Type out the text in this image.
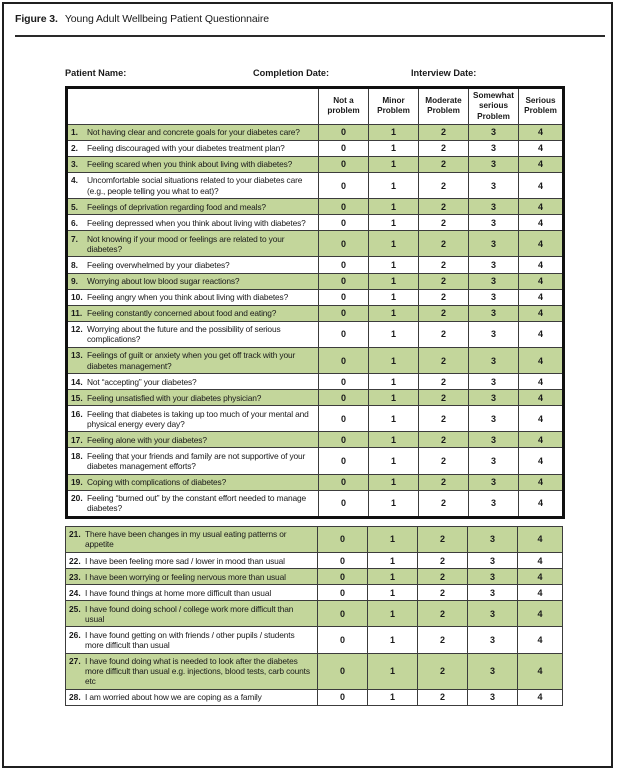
Figure 3. Young Adult Wellbeing Patient Questionnaire
Patient Name:	Completion Date:	Interview Date:
	Not a problem	Minor Problem	Moderate Problem	Somewhat serious Problem	Serious Problem

1. Not having clear and concrete goals for your diabetes care?	0	1	2	3	4

2. Feeling discouraged with your diabetes treatment plan?	0	1	2	3	4

3. Feeling scared when you think about living with diabetes?	0	1	2	3	4

4. Uncomfortable social situations related to your diabetes care (e.g., people telling you what to eat)?	0	1	2	3	4

5. Feelings of deprivation regarding food and meals?	0	1	2	3	4

6. Feeling depressed when you think about living with diabetes?	0	1	2	3	4

7. Not knowing if your mood or feelings are related to your diabetes?	0	1	2	3	4

8. Feeling overwhelmed by your diabetes?	0	1	2	3	4

9. Worrying about low blood sugar reactions?	0	1	2	3	4

10. Feeling angry when you think about living with diabetes?	0	1	2	3	4

11. Feeling constantly concerned about food and eating?	0	1	2	3	4

12. Worrying about the future and the possibility of serious complications?	0	1	2	3	4

13. Feelings of guilt or anxiety when you get off track with your diabetes management?	0	1	2	3	4

14. Not “accepting” your diabetes?	0	1	2	3	4

15. Feeling unsatisfied with your diabetes physician?	0	1	2	3	4

16. Feeling that diabetes is taking up too much of your mental and physical energy every day?	0	1	2	3	4

17. Feeling alone with your diabetes?	0	1	2	3	4

18. Feeling that your friends and family are not supportive of your diabetes management efforts?	0	1	2	3	4

19. Coping with complications of diabetes?	0	1	2	3	4

20. Feeling “burned out” by the constant effort needed to manage diabetes?	0	1	2	3	4
21. There have been changes in my usual eating patterns or appetite	0	1	2	3	4

22. I have been feeling more sad / lower in mood than usual	0	1	2	3	4

23. I have been worrying or feeling nervous more than usual	0	1	2	3	4

24. I have found things at home more difficult than usual	0	1	2	3	4

25. I have found doing school / college work more difficult than usual	0	1	2	3	4

26. I have found getting on with friends / other pupils / students more difficult than usual	0	1	2	3	4

27. I have found doing what is needed to look after the diabetes more difficult than usual e.g. injections, blood tests, carb counts etc	0	1	2	3	4

28. I am worried about how we are coping as a family	0	1	2	3	4
